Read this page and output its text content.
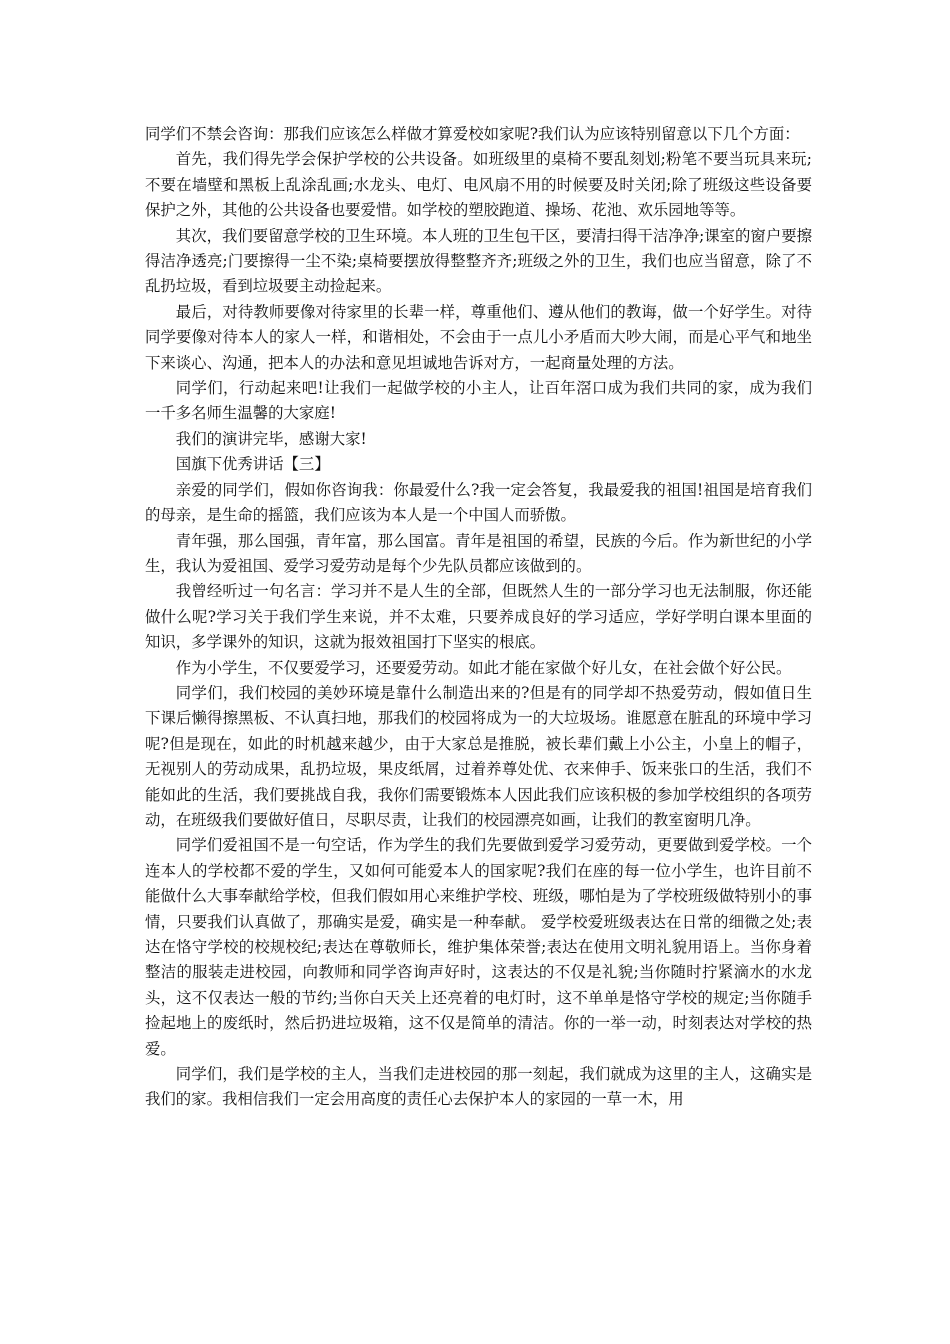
同学们不禁会咨询：那我们应该怎么样做才算爱校如家呢?我们认为应该特别留意以下几个方面：

首先，我们得先学会保护学校的公共设备。如班级里的桌椅不要乱刻划;粉笔不要当玩具来玩;不要在墙壁和黑板上乱涂乱画;水龙头、电灯、电风扇不用的时候要及时关闭;除了班级这些设备要保护之外，其他的公共设备也要爱惜。如学校的塑胶跑道、操场、花池、欢乐园地等等。

其次，我们要留意学校的卫生环境。本人班的卫生包干区，要清扫得干洁净净;课室的窗户要擦得洁净透亮;门要擦得一尘不染;桌椅要摆放得整整齐齐;班级之外的卫生，我们也应当留意，除了不乱扔垃圾，看到垃圾要主动捡起来。

最后，对待教师要像对待家里的长辈一样，尊重他们、遵从他们的教诲，做一个好学生。对待同学要像对待本人的家人一样，和谐相处，不会由于一点儿小矛盾而大吵大闹，而是心平气和地坐下来谈心、沟通，把本人的办法和意见坦诚地告诉对方，一起商量处理的方法。

同学们，行动起来吧!让我们一起做学校的小主人，让百年滘口成为我们共同的家，成为我们一千多名师生温馨的大家庭!

我们的演讲完毕，感谢大家!

国旗下优秀讲话【三】

亲爱的同学们，假如你咨询我：你最爱什么?我一定会答复，我最爱我的祖国!祖国是培育我们的母亲，是生命的摇篮，我们应该为本人是一个中国人而骄傲。

青年强，那么国强，青年富，那么国富。青年是祖国的希望，民族的今后。作为新世纪的小学生，我认为爱祖国、爱学习爱劳动是每个少先队员都应该做到的。

我曾经听过一句名言：学习并不是人生的全部，但既然人生的一部分学习也无法制服，你还能做什么呢?学习关于我们学生来说，并不太难，只要养成良好的学习适应，学好学明白课本里面的知识，多学课外的知识，这就为报效祖国打下坚实的根底。

作为小学生，不仅要爱学习，还要爱劳动。如此才能在家做个好儿女，在社会做个好公民。

同学们，我们校园的美妙环境是靠什么制造出来的?但是有的同学却不热爱劳动，假如值日生下课后懒得擦黑板、不认真扫地，那我们的校园将成为一的大垃圾场。谁愿意在脏乱的环境中学习呢?但是现在，如此的时机越来越少，由于大家总是推脱，被长辈们戴上小公主，小皇上的帽子，无视别人的劳动成果，乱扔垃圾，果皮纸屑，过着养尊处优、衣来伸手、饭来张口的生活，我们不能如此的生活，我们要挑战自我，我你们需要锻炼本人因此我们应该积极的参加学校组织的各项劳动，在班级我们要做好值日，尽职尽责，让我们的校园漂亮如画，让我们的教室窗明几净。

同学们爱祖国不是一句空话，作为学生的我们先要做到爱学习爱劳动，更要做到爱学校。一个连本人的学校都不爱的学生，又如何可能爱本人的国家呢?我们在座的每一位小学生，也许目前不能做什么大事奉献给学校，但我们假如用心来维护学校、班级，哪怕是为了学校班级做特别小的事情，只要我们认真做了，那确实是爱，确实是一种奉献。 爱学校爱班级表达在日常的细微之处;表达在恪守学校的校规校纪;表达在尊敬师长，维护集体荣誉;表达在使用文明礼貌用语上。当你身着整洁的服装走进校园，向教师和同学咨询声好时，这表达的不仅是礼貌;当你随时拧紧滴水的水龙头，这不仅表达一般的节约;当你白天关上还亮着的电灯时，这不单单是恪守学校的规定;当你随手捡起地上的废纸时，然后扔进垃圾箱，这不仅是简单的清洁。你的一举一动，时刻表达对学校的热爱。

同学们，我们是学校的主人，当我们走进校园的那一刻起，我们就成为这里的主人，这确实是我们的家。我相信我们一定会用高度的责任心去保护本人的家园的一草一木，用
